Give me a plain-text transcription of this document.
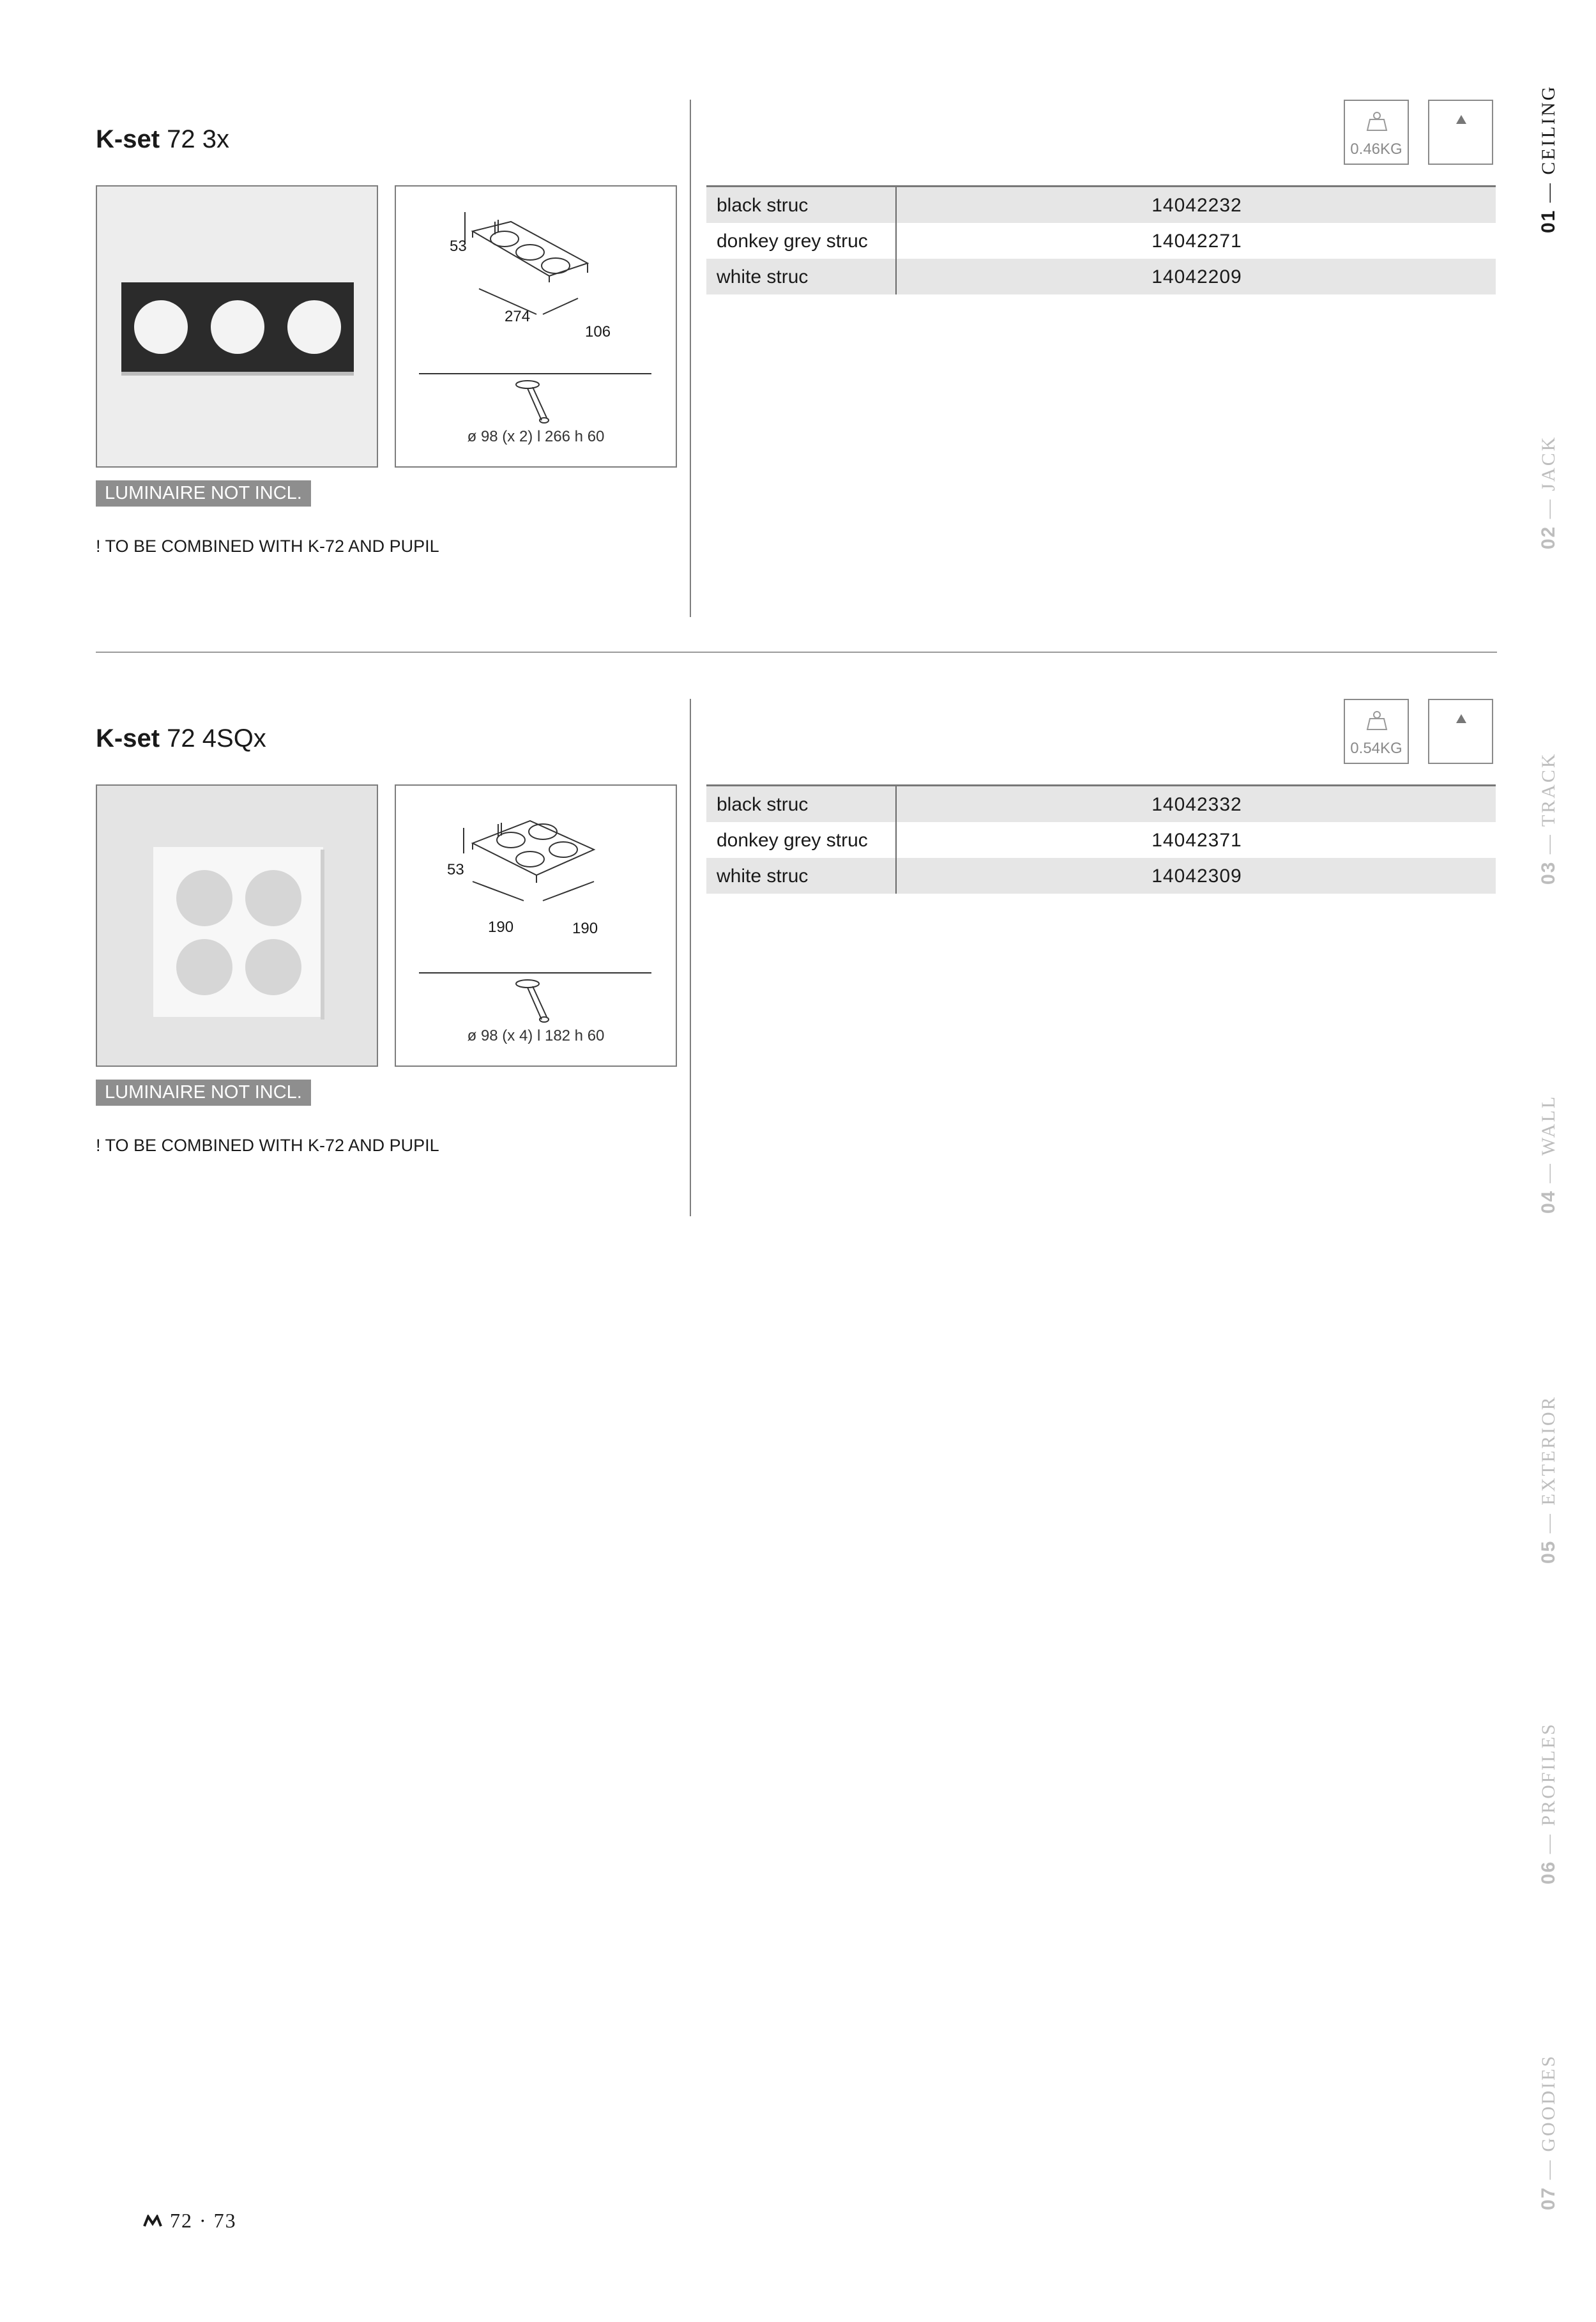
K-set 72 3x
53
274
106
ø 98 (x 2) l 266 h 60
LUMINAIRE NOT INCL.
! TO BE COMBINED WITH K-72 AND PUPIL
0.46KG
black struc	14042232
donkey grey struc	14042271
white struc	14042209
K-set 72 4SQx
53
190	190
ø 98 (x 4) l 182 h 60
LUMINAIRE NOT INCL.
! TO BE COMBINED WITH K-72 AND PUPIL
0.54KG
black struc	14042332
donkey grey struc	14042371
white struc	14042309
01 — CEILING
02 — JACK
03 — TRACK
04 — WALL
05 — EXTERIOR
06 — PROFILES
07 — GOODIES
72 · 73
